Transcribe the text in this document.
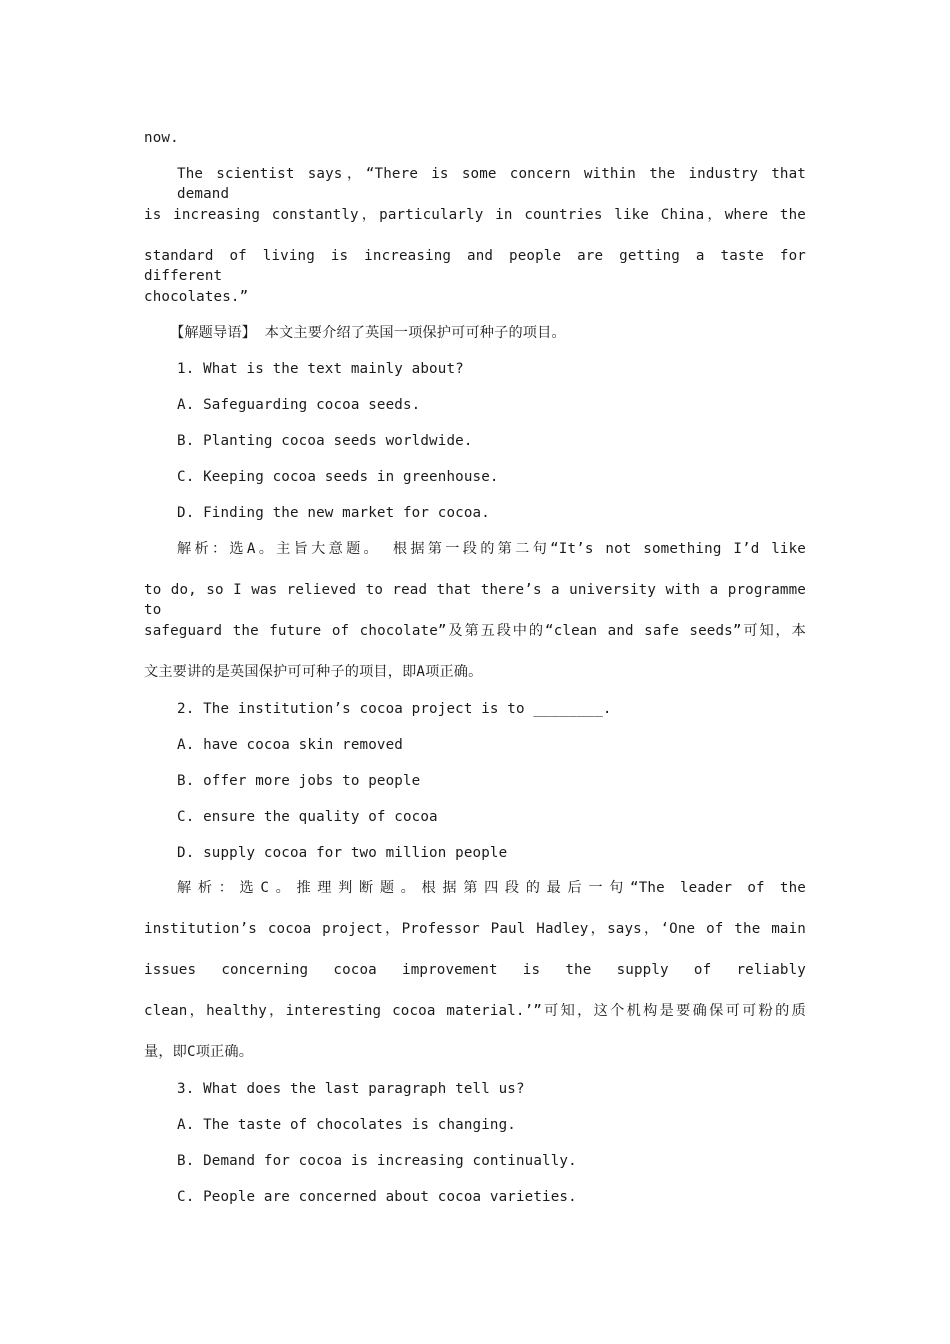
now.
The scientist says，“There is some concern within the industry that demand
is increasing constantly，particularly in countries like China，where the
standard of living is increasing and people are getting a taste for different
chocolates.”
【解题导语】 本文主要介绍了英国一项保护可可种子的项目。
1. What is the text mainly about?
A. Safeguarding cocoa seeds.
B. Planting cocoa seeds worldwide.
C. Keeping cocoa seeds in greenhouse.
D. Finding the new market for cocoa.
解析：选A。主旨大意题。 根据第一段的第二句“It’s not something I’d like
to do, so I was relieved to read that there’s a university with a programme to
safeguard the future of chocolate”及第五段中的“clean and safe seeds”可知，本
文主要讲的是英国保护可可种子的项目，即A项正确。
2. The institution’s cocoa project is to ________.
A. have cocoa skin removed
B. offer more jobs to people
C. ensure the quality of cocoa
D. supply cocoa for two million people
解析：选C。推理判断题。根据第四段的最后一句“The leader of the
institution’s cocoa project，Professor Paul Hadley，says，‘One of the main
issues concerning cocoa improvement is the supply of reliably
clean，healthy，interesting cocoa material.’”可知，这个机构是要确保可可粉的质
量，即C项正确。
3. What does the last paragraph tell us?
A. The taste of chocolates is changing.
B. Demand for cocoa is increasing continually.
C. People are concerned about cocoa varieties.
